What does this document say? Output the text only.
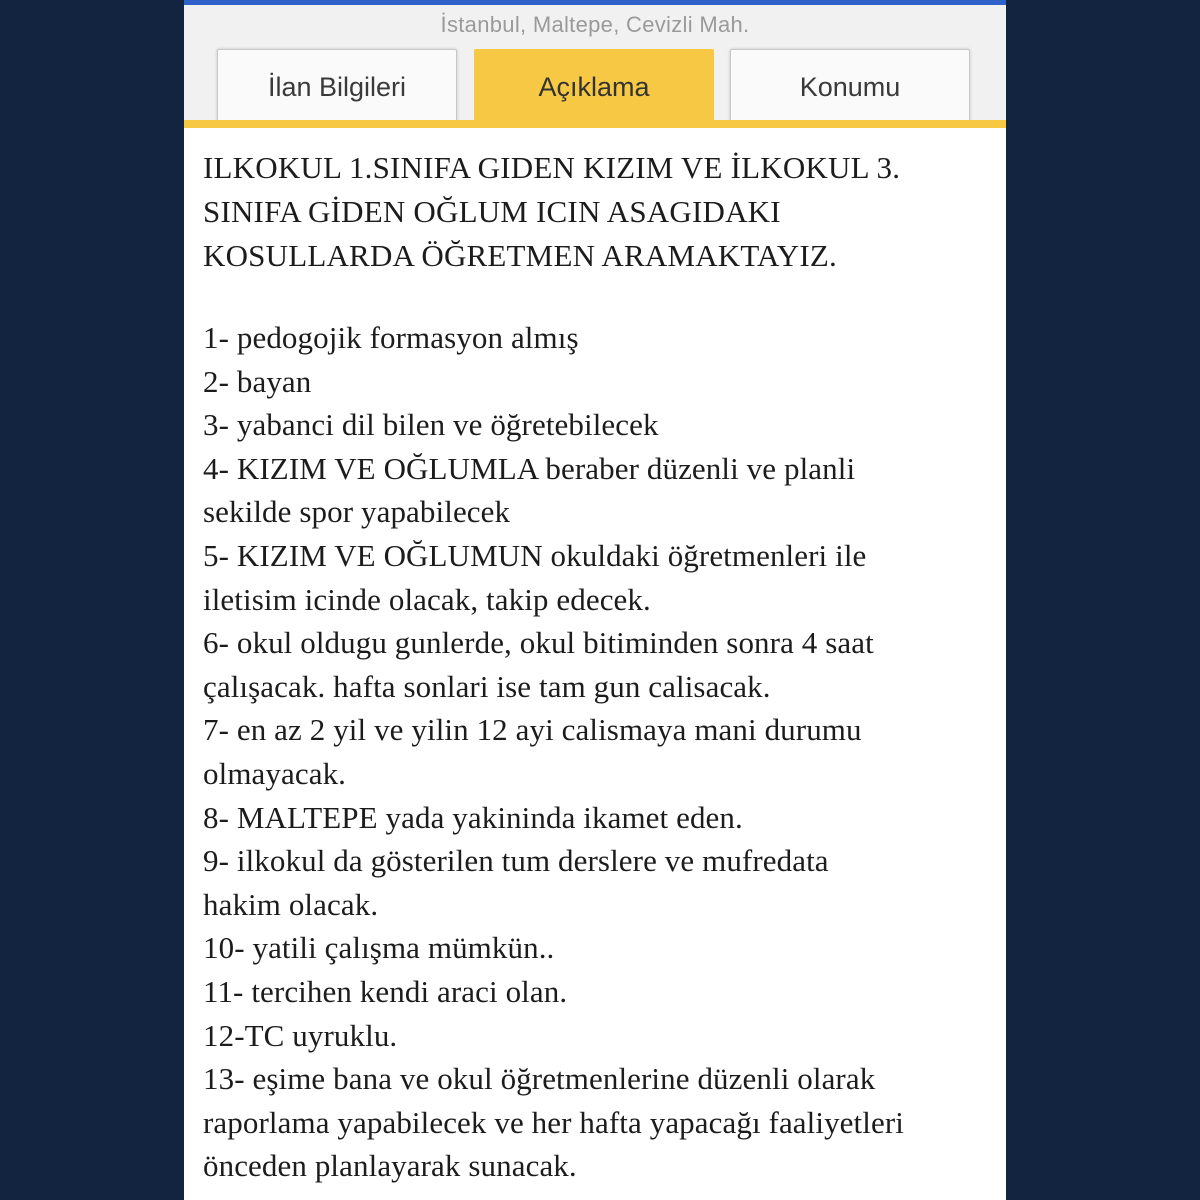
İstanbul, Maltepe, Cevizli Mah.
İlan Bilgileri	Açıklama	Konumu
ILKOKUL 1.SINIFA GIDEN KIZIM VE İLKOKUL 3.
SINIFA GİDEN OĞLUM ICIN ASAGIDAKI
KOSULLARDA ÖĞRETMEN ARAMAKTAYIZ.
1- pedogojik formasyon almış
2- bayan
3- yabanci dil bilen ve öğretebilecek
4- KIZIM VE OĞLUMLA beraber düzenli ve planli
sekilde spor yapabilecek
5- KIZIM VE OĞLUMUN okuldaki öğretmenleri ile
iletisim icinde olacak, takip edecek.
6- okul oldugu gunlerde, okul bitiminden sonra 4 saat
çalışacak. hafta sonlari ise tam gun calisacak.
7- en az 2 yil ve yilin 12 ayi calismaya mani durumu
olmayacak.
8- MALTEPE yada yakininda ikamet eden.
9- ilkokul da gösterilen tum derslere ve mufredata
hakim olacak.
10- yatili çalışma mümkün..
11- tercihen kendi araci olan.
12-TC uyruklu.
13- eşime bana ve okul öğretmenlerine düzenli olarak
raporlama yapabilecek ve her hafta yapacağı faaliyetleri
önceden planlayarak sunacak.
